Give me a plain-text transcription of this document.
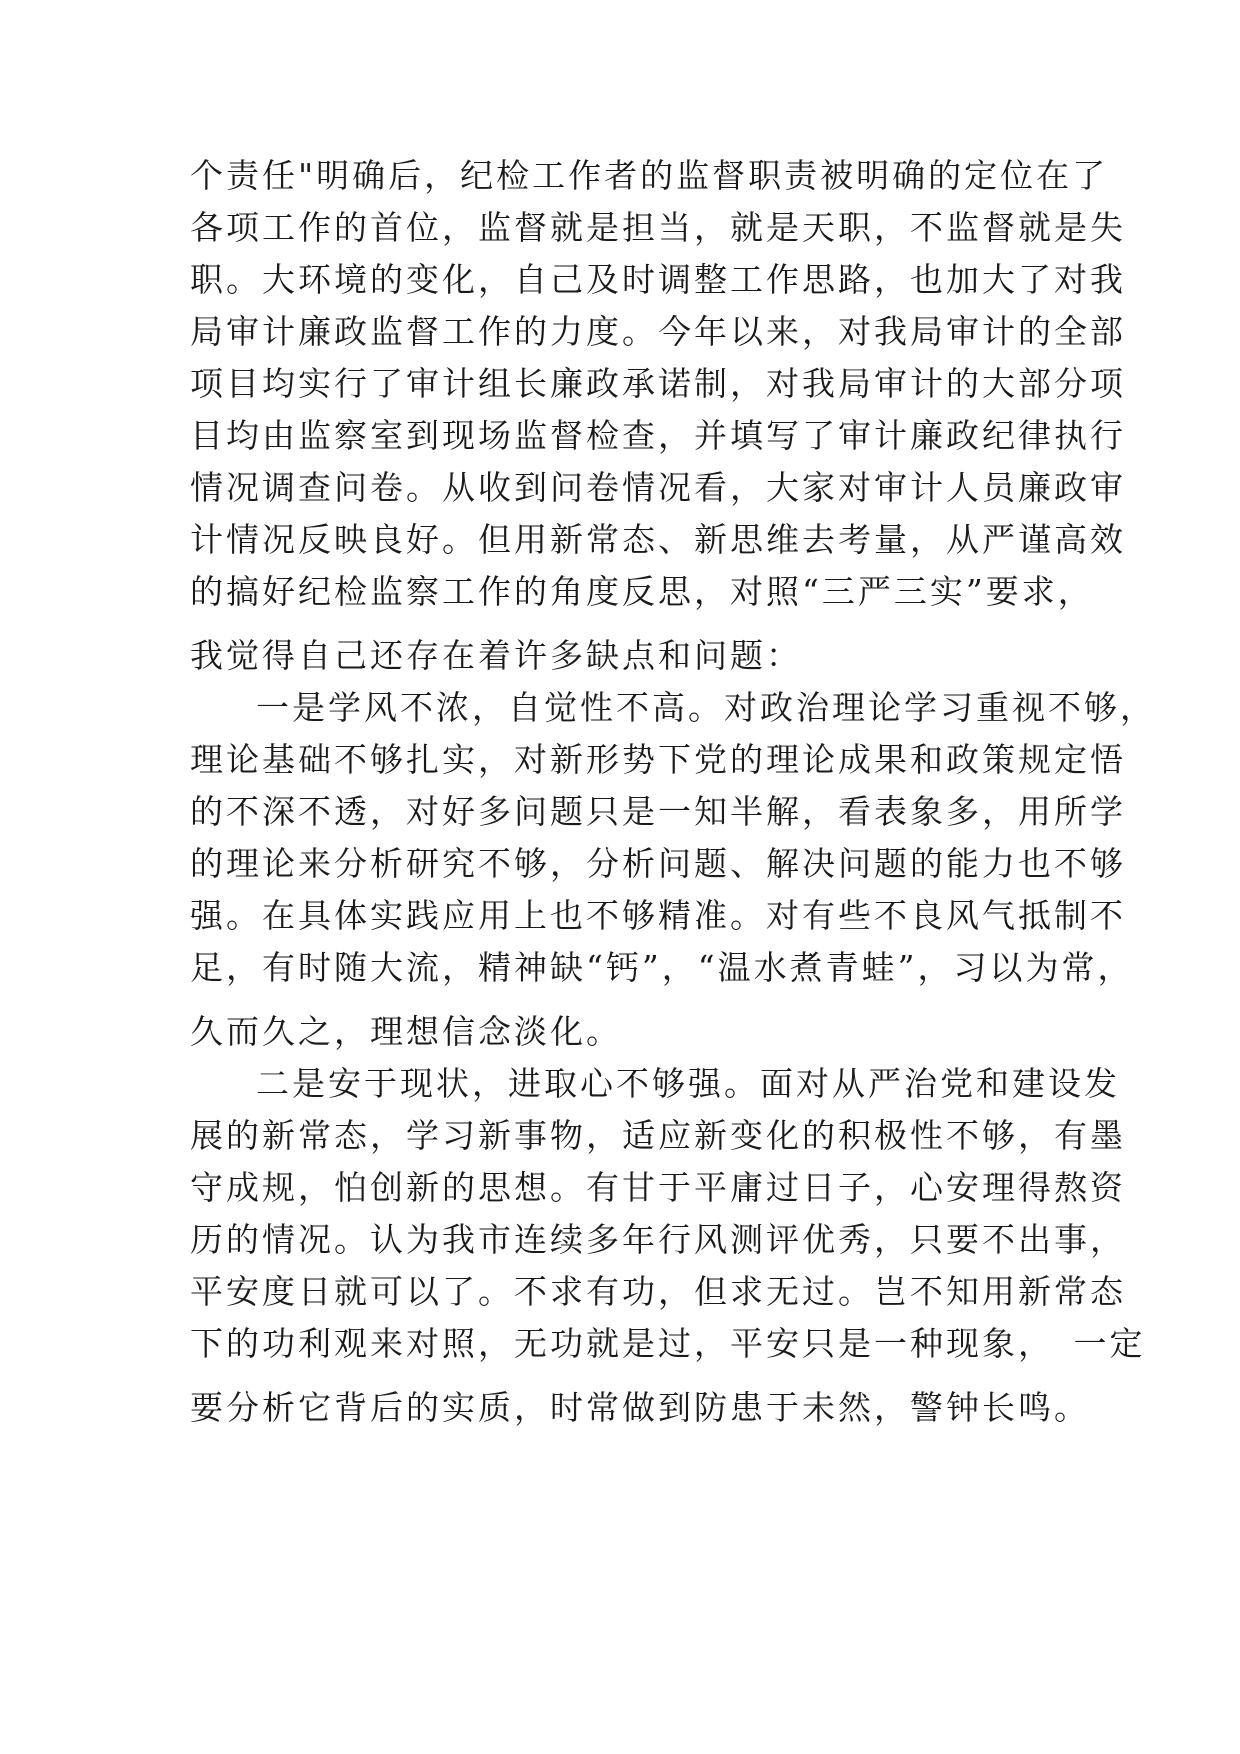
个责任"明确后，纪检工作者的监督职责被明确的定位在了
各项工作的首位，监督就是担当，就是天职，不监督就是失
职。大环境的变化，自己及时调整工作思路，也加大了对我
局审计廉政监督工作的力度。今年以来，对我局审计的全部
项目均实行了审计组长廉政承诺制，对我局审计的大部分项
目均由监察室到现场监督检查，并填写了审计廉政纪律执行
情况调查问卷。从收到问卷情况看，大家对审计人员廉政审
计情况反映良好。但用新常态、新思维去考量，从严谨高效
的搞好纪检监察工作的角度反思，对照“三严三实”要求，
我觉得自己还存在着许多缺点和问题：
一是学风不浓，自觉性不高。对政治理论学习重视不够，
理论基础不够扎实，对新形势下党的理论成果和政策规定悟
的不深不透，对好多问题只是一知半解，看表象多，用所学
的理论来分析研究不够，分析问题、解决问题的能力也不够
强。在具体实践应用上也不够精准。对有些不良风气抵制不
足，有时随大流，精神缺“钙”，“温水煮青蛙”，习以为常，
久而久之，理想信念淡化。
二是安于现状，进取心不够强。面对从严治党和建设发
展的新常态，学习新事物，适应新变化的积极性不够，有墨
守成规，怕创新的思想。有甘于平庸过日子，心安理得熬资
历的情况。认为我市连续多年行风测评优秀，只要不出事，
平安度日就可以了。不求有功，但求无过。岂不知用新常态
下的功利观来对照，无功就是过，平安只是一种现象，　一定
要分析它背后的实质，时常做到防患于未然，警钟长鸣。
